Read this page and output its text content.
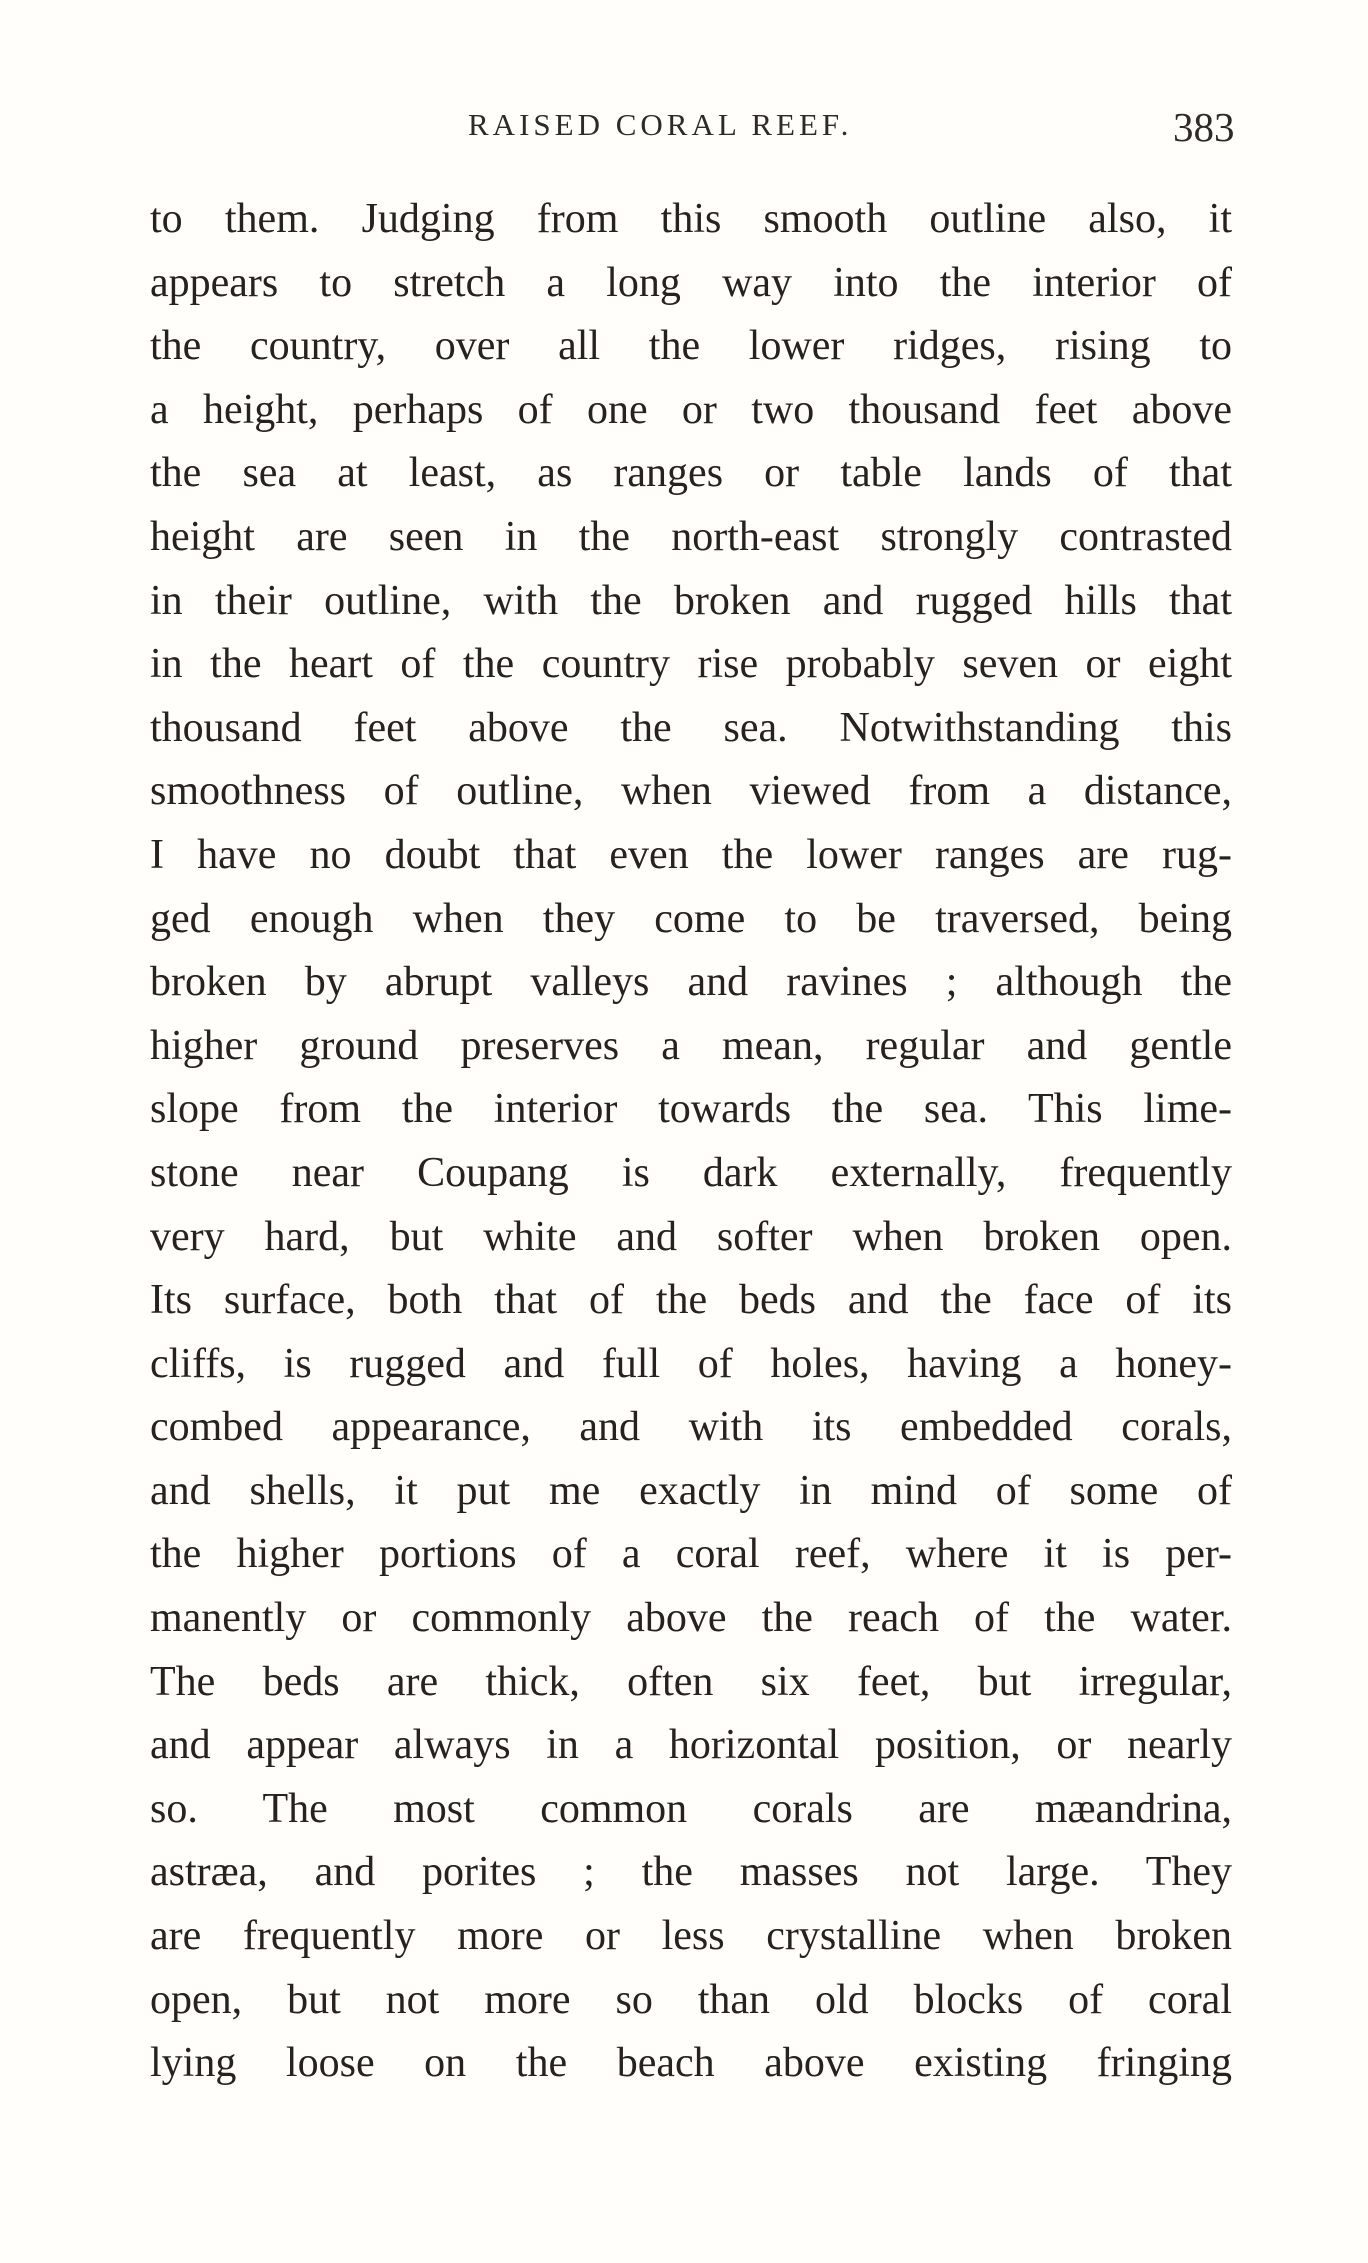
RAISED CORAL REEF.	383
to them. Judging from this smooth outline also, it
appears to stretch a long way into the interior of
the country, over all the lower ridges, rising to
a height, perhaps of one or two thousand feet above
the sea at least, as ranges or table lands of that
height are seen in the north-east strongly contrasted
in their outline, with the broken and rugged hills that
in the heart of the country rise probably seven or eight
thousand feet above the sea. Notwithstanding this
smoothness of outline, when viewed from a distance,
I have no doubt that even the lower ranges are rug-
ged enough when they come to be traversed, being
broken by abrupt valleys and ravines ; although the
higher ground preserves a mean, regular and gentle
slope from the interior towards the sea. This lime-
stone near Coupang is dark externally, frequently
very hard, but white and softer when broken open.
Its surface, both that of the beds and the face of its
cliffs, is rugged and full of holes, having a honey-
combed appearance, and with its embedded corals,
and shells, it put me exactly in mind of some of
the higher portions of a coral reef, where it is per-
manently or commonly above the reach of the water.
The beds are thick, often six feet, but irregular,
and appear always in a horizontal position, or nearly
so. The most common corals are mæandrina,
astræa, and porites ; the masses not large. They
are frequently more or less crystalline when broken
open, but not more so than old blocks of coral
lying loose on the beach above existing fringing
